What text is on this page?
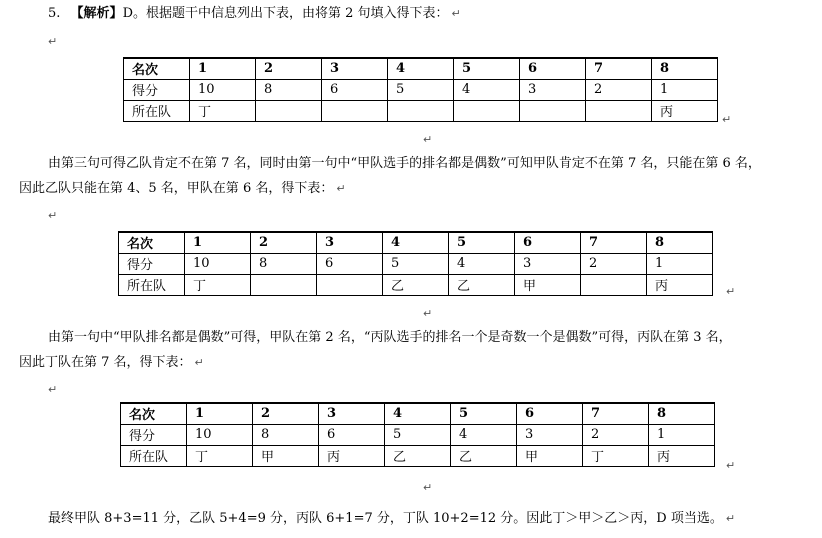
5. 【解析】D。根据题干中信息列出下表，由将第 2 句填入得下表： ↵
↵
名次	1	2	3	4	5	6	7	8
得分	10	8	6	5	4	3	2	1
所在队	丁							丙	↵
↵
由第三句可得乙队肯定不在第 7 名，同时由第一句中“甲队选手的排名都是偶数”可知甲队肯定不在第 7 名，只能在第 6 名，
因此乙队只能在第 4、5 名，甲队在第 6 名，得下表： ↵
↵
名次	1	2	3	4	5	6	7	8
得分	10	8	6	5	4	3	2	1
所在队	丁			乙	乙	甲		丙	↵
↵
由第一句中“甲队排名都是偶数”可得，甲队在第 2 名，“丙队选手的排名一个是奇数一个是偶数”可得，丙队在第 3 名，
因此丁队在第 7 名，得下表： ↵
↵
名次	1	2	3	4	5	6	7	8
得分	10	8	6	5	4	3	2	1
所在队	丁	甲	丙	乙	乙	甲	丁	丙
↵
↵
最终甲队 8+3=11 分，乙队 5+4=9 分，丙队 6+1=7 分，丁队 10+2=12 分。因此丁＞甲＞乙＞丙，D 项当选。 ↵
